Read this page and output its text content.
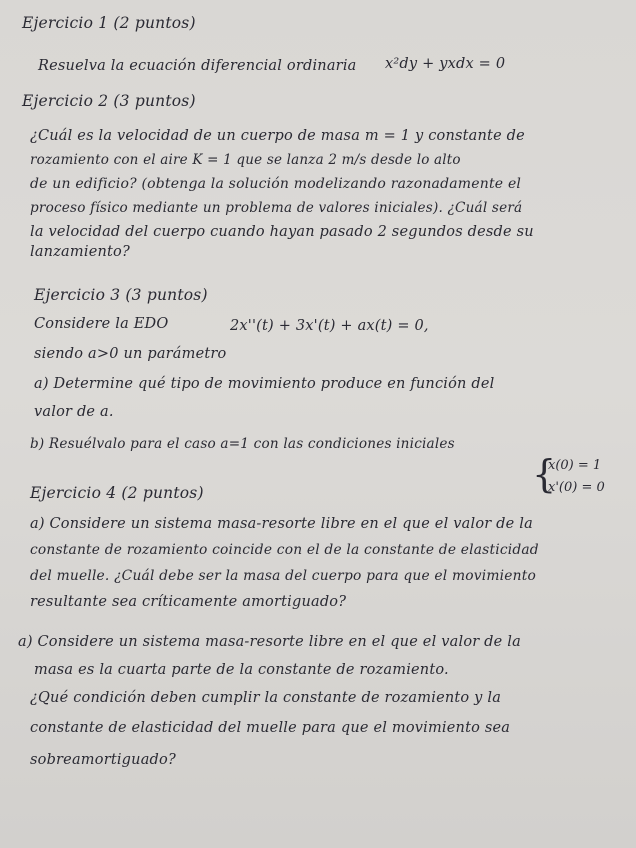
Ejercicio 1 (2 puntos)
Resuelva la ecuación diferencial ordinaria x²dy + yxdx = 0
Ejercicio 2 (3 puntos)
¿Cuál es la velocidad de un cuerpo de masa m = 1 y constante de
rozamiento con el aire K = 1 que se lanza 2 m/s desde lo alto
de un edificio? (obtenga la solución modelizando razonadamente el
proceso físico mediante un problema de valores iniciales). ¿Cuál será
la velocidad del cuerpo cuando hayan pasado 2 segundos desde su
lanzamiento?
Ejercicio 3 (3 puntos)
Considere la EDO	2x''(t) + 3x'(t) + ax(t) = 0,
siendo a>0 un parámetro
a) Determine qué tipo de movimiento produce en función del
valor de a.
b) Resuélvalo para el caso a=1 con las condiciones iniciales
{
x(0) = 1
x'(0) = 0
Ejercicio 4 (2 puntos)
a) Considere un sistema masa-resorte libre en el que el valor de la
constante de rozamiento coincide con el de la constante de elasticidad
del muelle. ¿Cuál debe ser la masa del cuerpo para que el movimiento
resultante sea críticamente amortiguado?
a) Considere un sistema masa-resorte libre en el que el valor de la
masa es la cuarta parte de la constante de rozamiento.
¿Qué condición deben cumplir la constante de rozamiento y la
constante de elasticidad del muelle para que el movimiento sea
sobreamortiguado?
